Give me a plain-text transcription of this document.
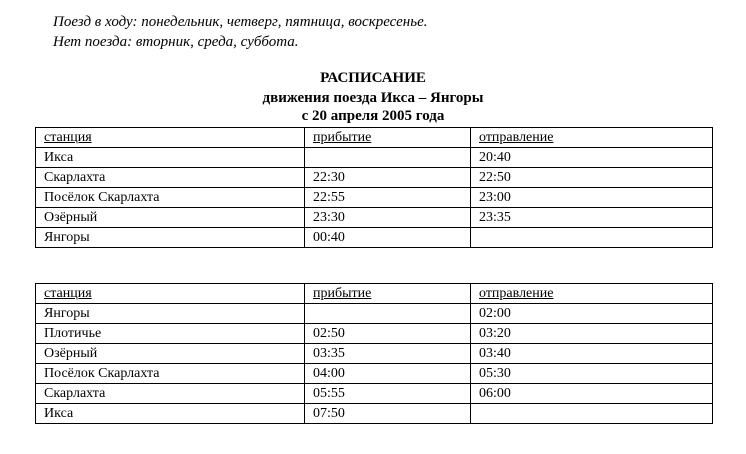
Поезд в ходу: понедельник, четверг, пятница, воскресенье.
Нет поезда: вторник, среда, суббота.
РАСПИСАНИЕ
движения поезда Икса – Янгоры
с 20 апреля 2005 года
станция	прибытие	отправление
Икса		20:40
Скарлахта	22:30	22:50
Посёлок Скарлахта	22:55	23:00
Озёрный	23:30	23:35
Янгоры	00:40	
станция	прибытие	отправление
Янгоры		02:00
Плотичье	02:50	03:20
Озёрный	03:35	03:40
Посёлок Скарлахта	04:00	05:30
Скарлахта	05:55	06:00
Икса	07:50	
